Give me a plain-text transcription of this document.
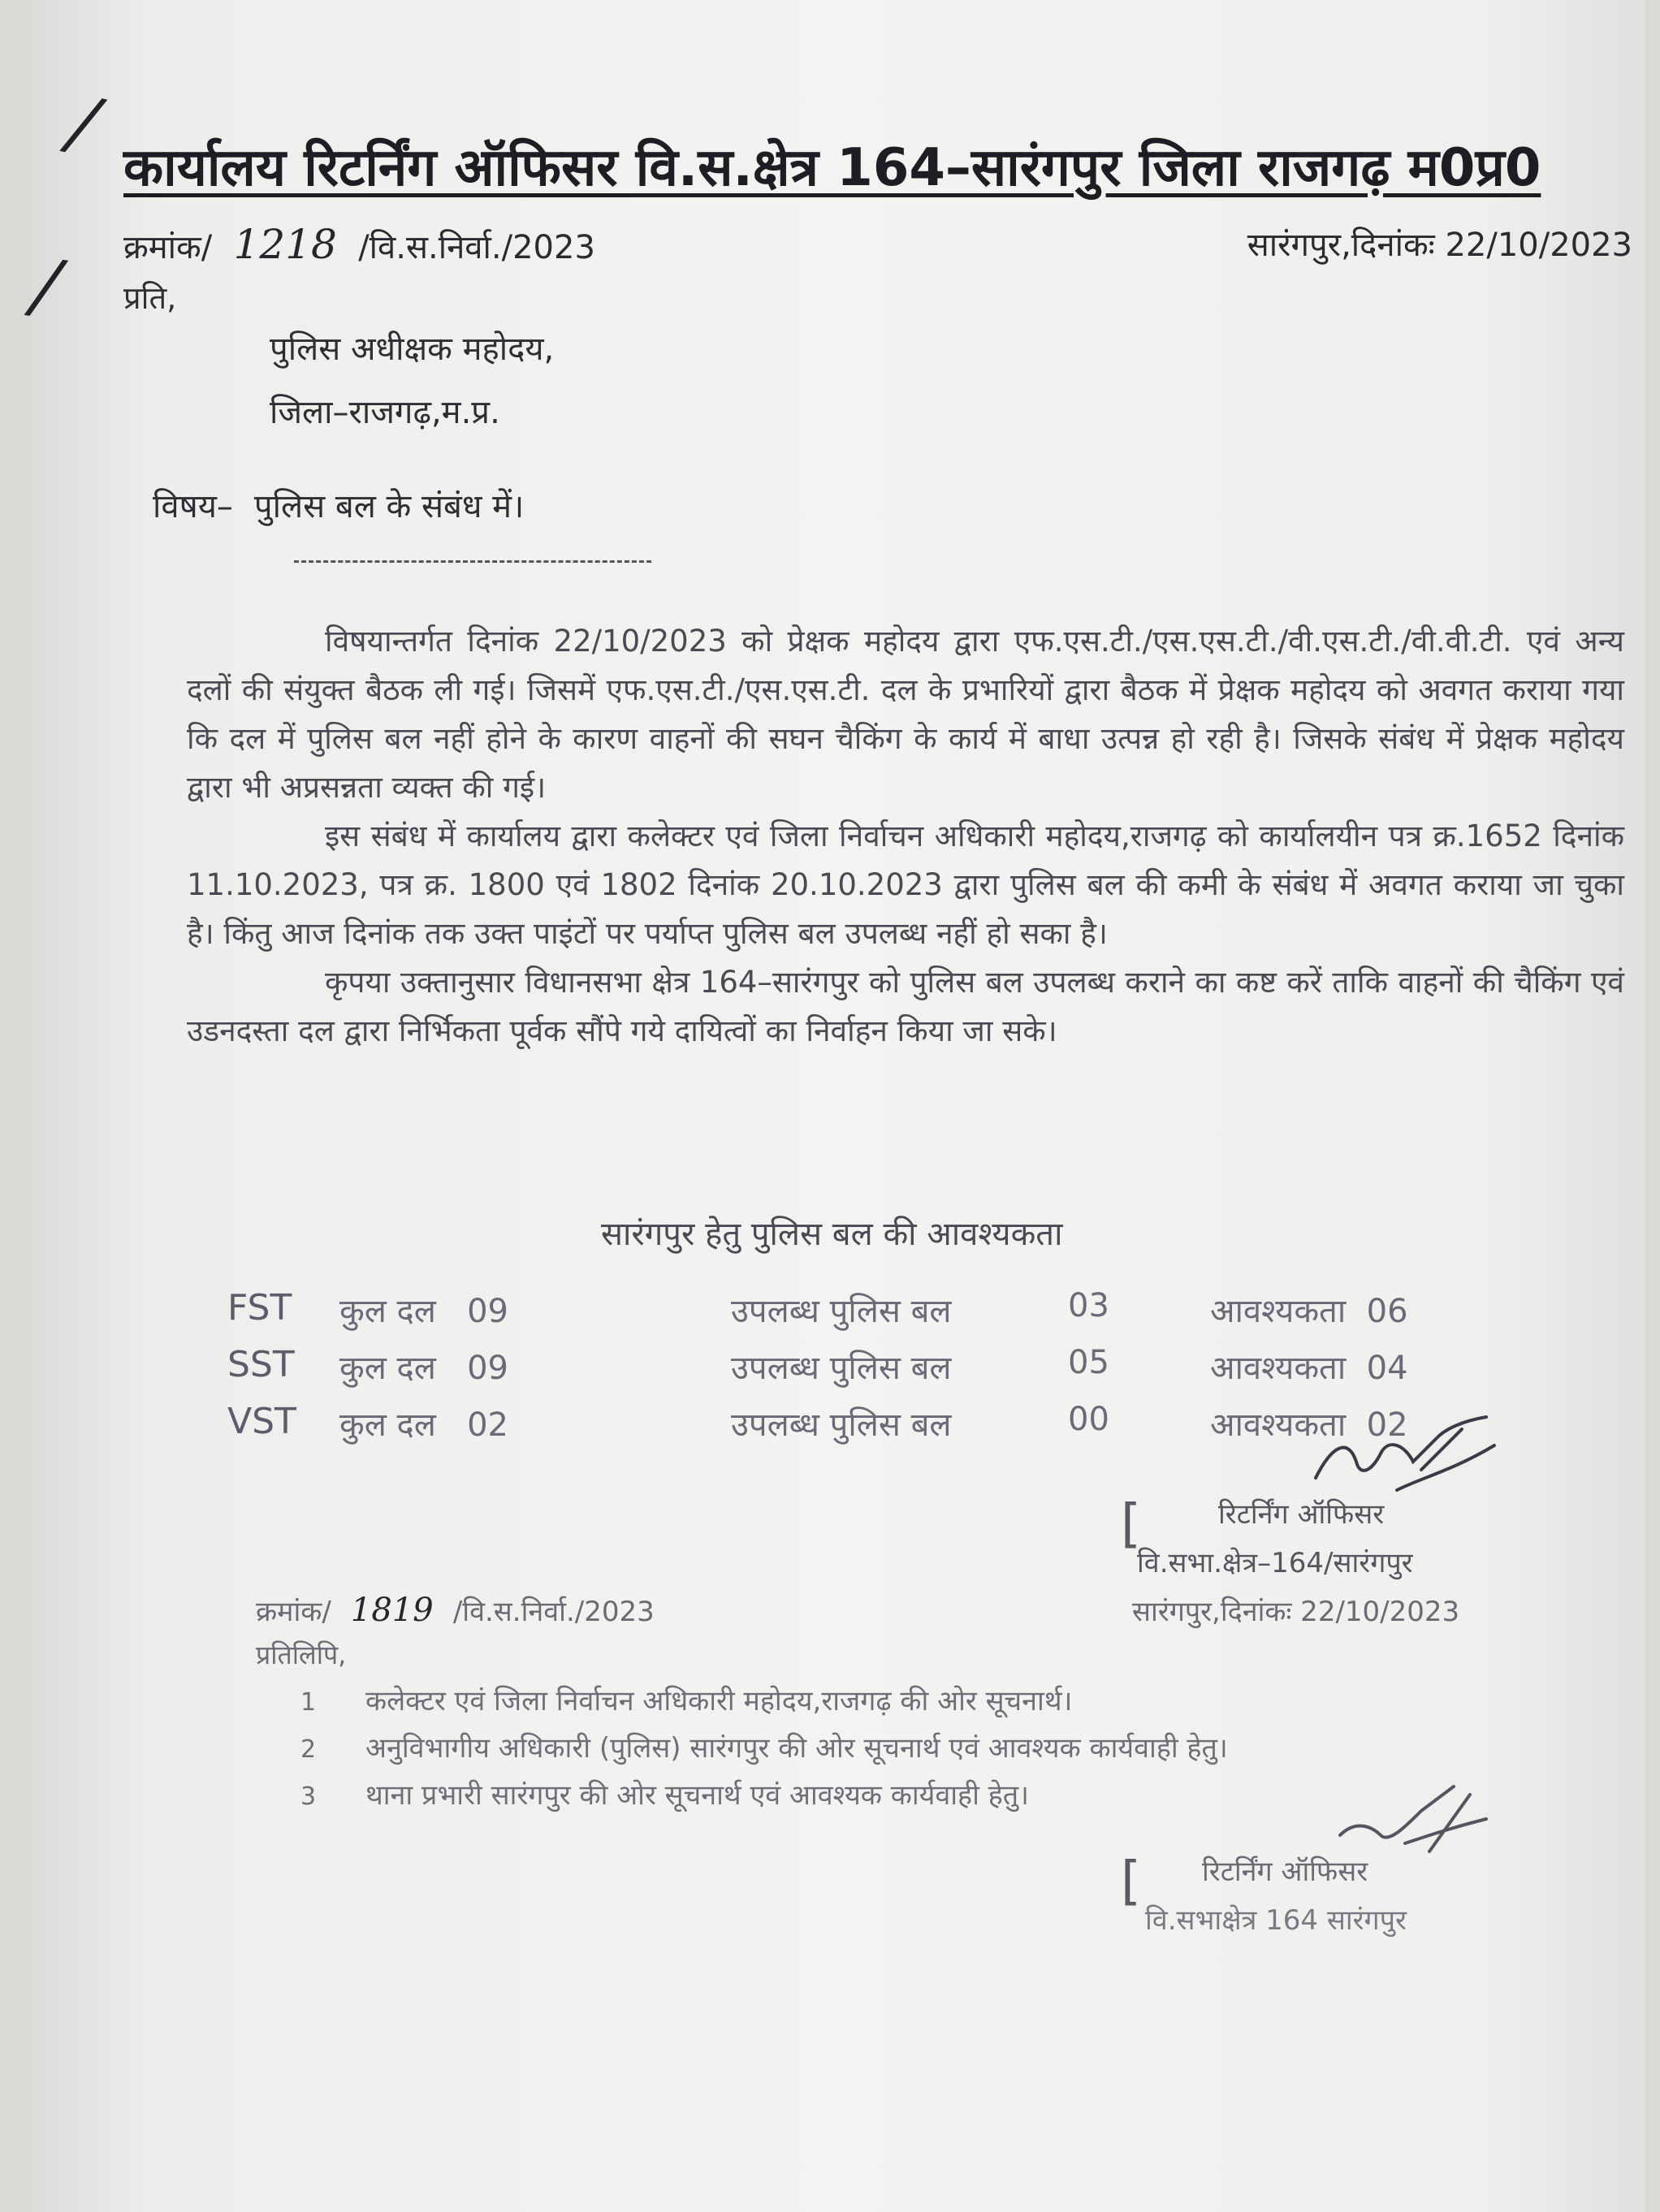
/
/
कार्यालय रिटर्निंग ऑफिसर वि.स.क्षेत्र 164–सारंगपुर जिला राजगढ़ म0प्र0
क्रमांक/ 1218 /वि.स.निर्वा./2023	सारंगपुर,दिनांकः 22/10/2023
प्रति,
पुलिस अधीक्षक महोदय,
जिला–राजगढ़,म.प्र.
विषय– पुलिस बल के संबंध में।

विषयान्तर्गत दिनांक 22/10/2023 को प्रेक्षक महोदय द्वारा एफ.एस.टी./एस.एस.टी./वी.एस.टी./वी.वी.टी. एवं अन्य दलों की संयुक्त बैठक ली गई। जिसमें एफ.एस.टी./एस.एस.टी. दल के प्रभारियों द्वारा बैठक में प्रेक्षक महोदय को अवगत कराया गया कि दल में पुलिस बल नहीं होने के कारण वाहनों की सघन चैकिंग के कार्य में बाधा उत्पन्न हो रही है। जिसके संबंध में प्रेक्षक महोदय द्वारा भी अप्रसन्नता व्यक्त की गई।

इस संबंध में कार्यालय द्वारा कलेक्टर एवं जिला निर्वाचन अधिकारी महोदय,राजगढ़ को कार्यालयीन पत्र क्र.1652 दिनांक 11.10.2023, पत्र क्र. 1800 एवं 1802 दिनांक 20.10.2023 द्वारा पुलिस बल की कमी के संबंध में अवगत कराया जा चुका है। किंतु आज दिनांक तक उक्त पाइंटों पर पर्याप्त पुलिस बल उपलब्ध नहीं हो सका है।

कृपया उक्तानुसार विधानसभा क्षेत्र 164–सारंगपुर को पुलिस बल उपलब्ध कराने का कष्ट करें ताकि वाहनों की चैकिंग एवं उडनदस्ता दल द्वारा निर्भिकता पूर्वक सौंपे गये दायित्वों का निर्वाहन किया जा सके।

सारंगपुर हेतु पुलिस बल की आवश्यकता
FST कुल दल 09	उपलब्ध पुलिस बल	03	आवश्यकता 06
SST कुल दल 09	उपलब्ध पुलिस बल	05	आवश्यकता 04
VST कुल दल 02	उपलब्ध पुलिस बल	00	आवश्यकता 02
रिटर्निंग ऑफिसर
[
वि.सभा.क्षेत्र–164/सारंगपुर
सारंगपुर,दिनांकः 22/10/2023
क्रमांक/ 1819 /वि.स.निर्वा./2023
प्रतिलिपि,
1 कलेक्टर एवं जिला निर्वाचन अधिकारी महोदय,राजगढ़ की ओर सूचनार्थ।
2 अनुविभागीय अधिकारी (पुलिस) सारंगपुर की ओर सूचनार्थ एवं आवश्यक कार्यवाही हेतु।
3 थाना प्रभारी सारंगपुर की ओर सूचनार्थ एवं आवश्यक कार्यवाही हेतु।
रिटर्निंग ऑफिसर
[
वि.सभाक्षेत्र 164 सारंगपुर
